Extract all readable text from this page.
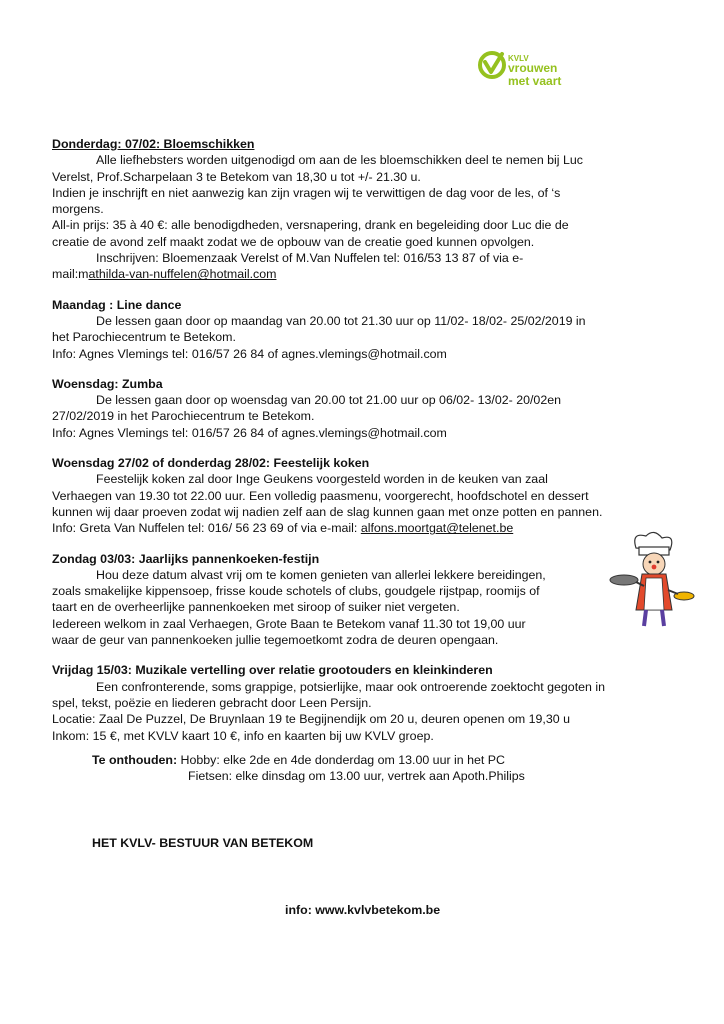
KVLV
vrouwen
met vaart
Donderdag: 07/02: Bloemschikken
Alle liefhebsters worden uitgenodigd om aan de les bloemschikken deel te nemen bij Luc
Verelst, Prof.Scharpelaan 3 te Betekom van 18,30 u tot +/- 21.30 u.
Indien je inschrijft en niet aanwezig kan zijn vragen wij te verwittigen de dag voor de les, of ‘s
morgens.
All-in prijs: 35 à 40 €: alle benodigdheden, versnapering, drank en begeleiding door Luc die de
creatie de avond zelf maakt zodat we de opbouw van de creatie goed kunnen opvolgen.
Inschrijven: Bloemenzaak Verelst of M.Van Nuffelen tel: 016/53 13 87 of via e-
mail:mathilda-van-nuffelen@hotmail.com
Maandag : Line dance
De lessen gaan door op maandag van 20.00 tot 21.30 uur op 11/02- 18/02- 25/02/2019 in
het Parochiecentrum te Betekom.
Info: Agnes Vlemings tel: 016/57 26 84 of agnes.vlemings@hotmail.com
Woensdag: Zumba
De lessen gaan door op woensdag van 20.00 tot 21.00 uur op 06/02- 13/02- 20/02en
27/02/2019 in het Parochiecentrum te Betekom.
Info: Agnes Vlemings tel: 016/57 26 84 of agnes.vlemings@hotmail.com
Woensdag 27/02 of donderdag 28/02: Feestelijk koken
Feestelijk koken zal door Inge Geukens voorgesteld worden in de keuken van zaal
Verhaegen van 19.30 tot 22.00 uur. Een volledig paasmenu, voorgerecht, hoofdschotel en dessert
kunnen wij daar proeven zodat wij nadien zelf aan de slag kunnen gaan met onze potten en pannen.
Info: Greta Van Nuffelen tel: 016/ 56 23 69 of via e-mail: alfons.moortgat@telenet.be
Zondag 03/03: Jaarlijks pannenkoeken-festijn
Hou deze datum alvast vrij om te komen genieten van allerlei lekkere bereidingen,
zoals smakelijke kippensoep, frisse koude schotels of clubs, goudgele rijstpap, roomijs of
taart en de overheerlijke pannenkoeken met siroop of suiker niet vergeten.
Iedereen welkom in zaal Verhaegen, Grote Baan te Betekom vanaf 11.30 tot 19,00 uur
waar de geur van pannenkoeken jullie tegemoetkomt zodra de deuren opengaan.
Vrijdag 15/03: Muzikale vertelling over relatie grootouders en kleinkinderen
Een confronterende, soms grappige, potsierlijke, maar ook ontroerende zoektocht gegoten in
spel, tekst, poëzie en liederen gebracht door Leen Persijn.
Locatie: Zaal De Puzzel, De Bruynlaan 19 te Begijnendijk om 20 u, deuren openen om 19,30 u
Inkom: 15 €, met KVLV kaart 10 €, info en kaarten bij uw KVLV groep.
Te onthouden: Hobby: elke 2de en 4de donderdag om 13.00 uur in het PC
Fietsen: elke dinsdag om 13.00 uur, vertrek aan Apoth.Philips
HET KVLV- BESTUUR VAN BETEKOM
info: www.kvlvbetekom.be
